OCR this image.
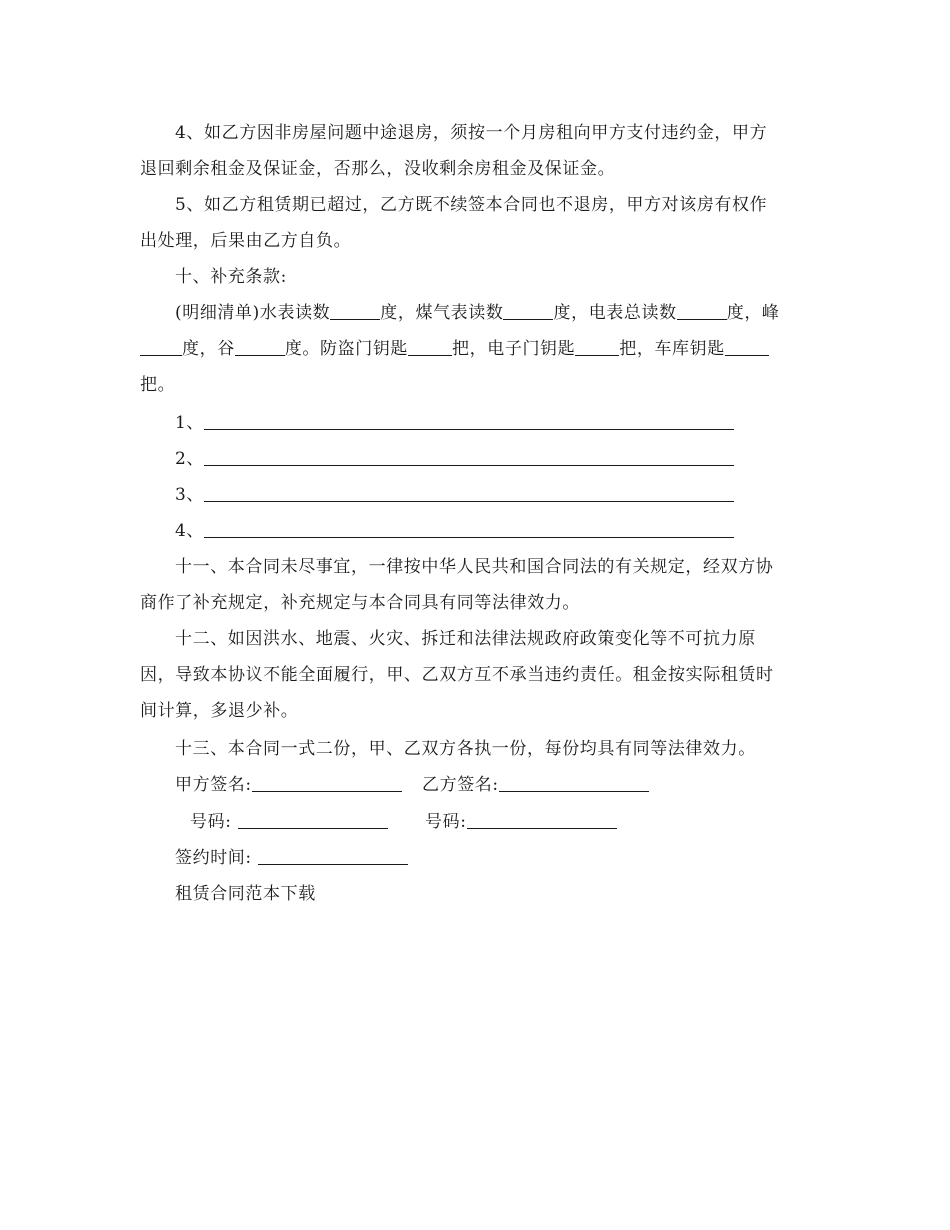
4、如乙方因非房屋问题中途退房，须按一个月房租向甲方支付违约金，甲方
退回剩余租金及保证金，否那么，没收剩余房租金及保证金。
5、如乙方租赁期已超过，乙方既不续签本合同也不退房，甲方对该房有权作
出处理，后果由乙方自负。
十、补充条款:
(明细清单)水表读数	度，煤气表读数	度，电表总读数	度，峰
度，谷	度。防盗门钥匙	把，电子门钥匙	把，车库钥匙
把。
1、
2、
3、
4、
十一、本合同未尽事宜，一律按中华人民共和国合同法的有关规定，经双方协
商作了补充规定，补充规定与本合同具有同等法律效力。
十二、如因洪水、地震、火灾、拆迁和法律法规政府政策变化等不可抗力原
因，导致本协议不能全面履行，甲、乙双方互不承当违约责任。租金按实际租赁时
间计算，多退少补。
十三、本合同一式二份，甲、乙双方各执一份，每份均具有同等法律效力。
甲方签名:	乙方签名:
号码:	号码:
签约时间:
租赁合同范本下载
